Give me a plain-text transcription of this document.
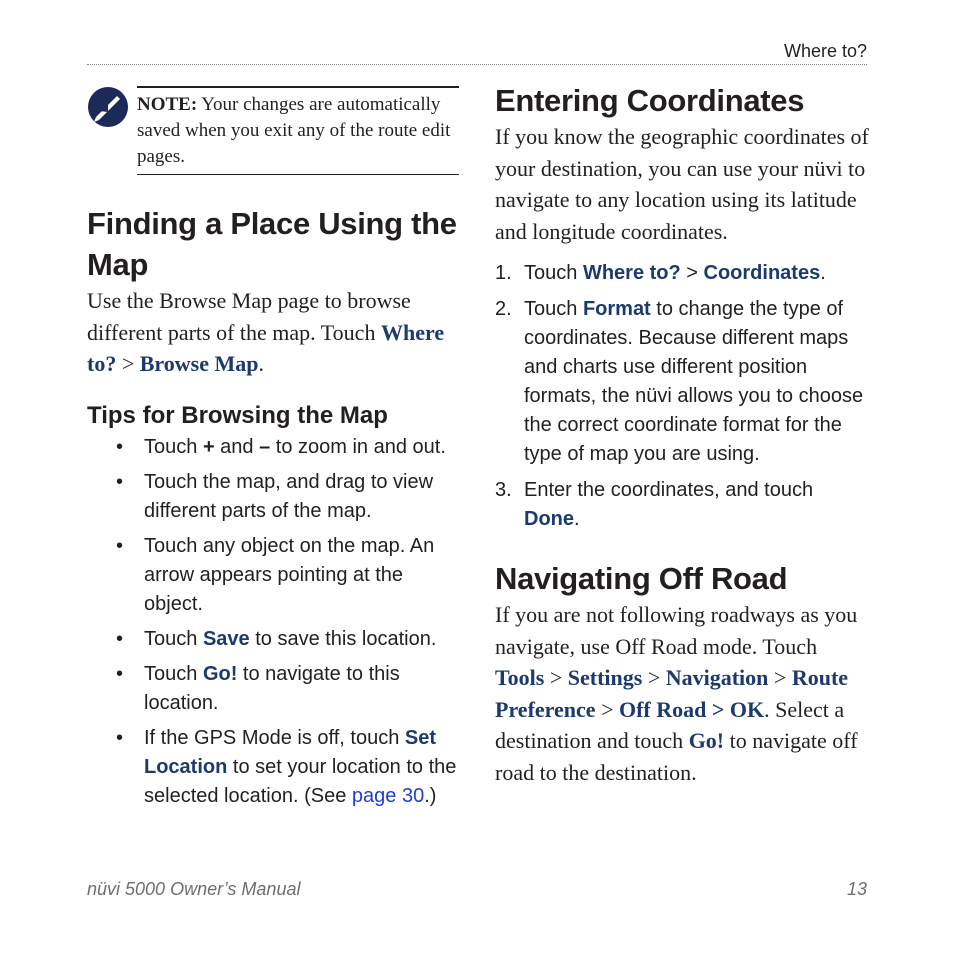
Where to?

NOTE: Your changes are automatically saved when you exit any of the route edit pages.

Finding a Place Using the Map

Use the Browse Map page to browse different parts of the map. Touch Where to? > Browse Map.

Tips for Browsing the Map
• Touch + and – to zoom in and out.
• Touch the map, and drag to view different parts of the map.
• Touch any object on the map. An arrow appears pointing at the object.
• Touch Save to save this location.
• Touch Go! to navigate to this location.
• If the GPS Mode is off, touch Set Location to set your location to the selected location. (See page 30.)
Entering Coordinates

If you know the geographic coordinates of your destination, you can use your nüvi to navigate to any location using its latitude and longitude coordinates.

1. Touch Where to? > Coordinates.
2. Touch Format to change the type of coordinates. Because different maps and charts use different position formats, the nüvi allows you to choose the correct coordinate format for the type of map you are using.
3. Enter the coordinates, and touch Done.
Navigating Off Road

If you are not following roadways as you navigate, use Off Road mode. Touch Tools > Settings > Navigation > Route Preference > Off Road > OK. Select a destination and touch Go! to navigate off road to the destination.

nüvi 5000 Owner’s Manual	13
